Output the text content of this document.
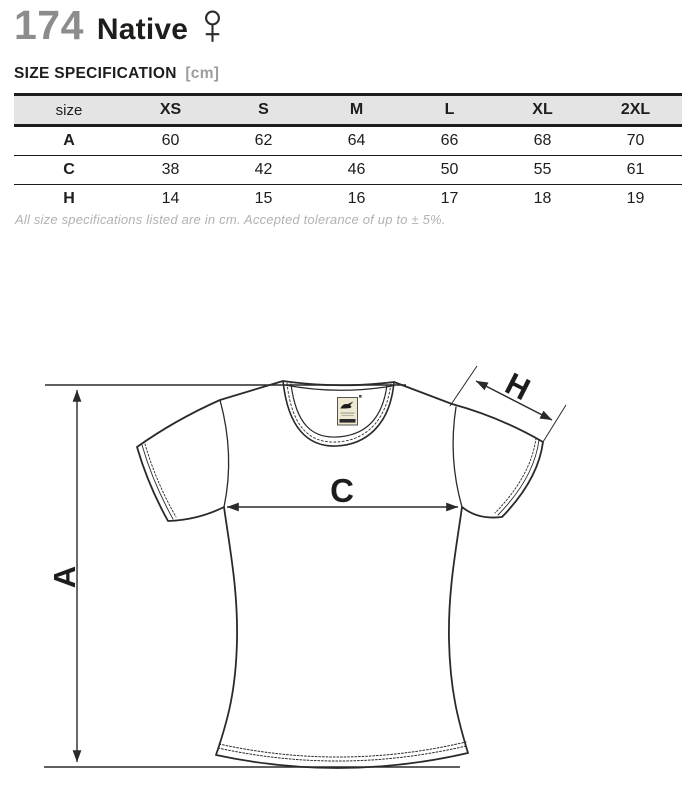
174 Native
SIZE SPECIFICATION [cm]
size	XS	S	M	L	XL	2XL
A	60	62	64	66	68	70
C	38	42	46	50	55	61
H	14	15	16	17	18	19

All size specifications listed are in cm. Accepted tolerance of up to ± 5%.

A
C
H
